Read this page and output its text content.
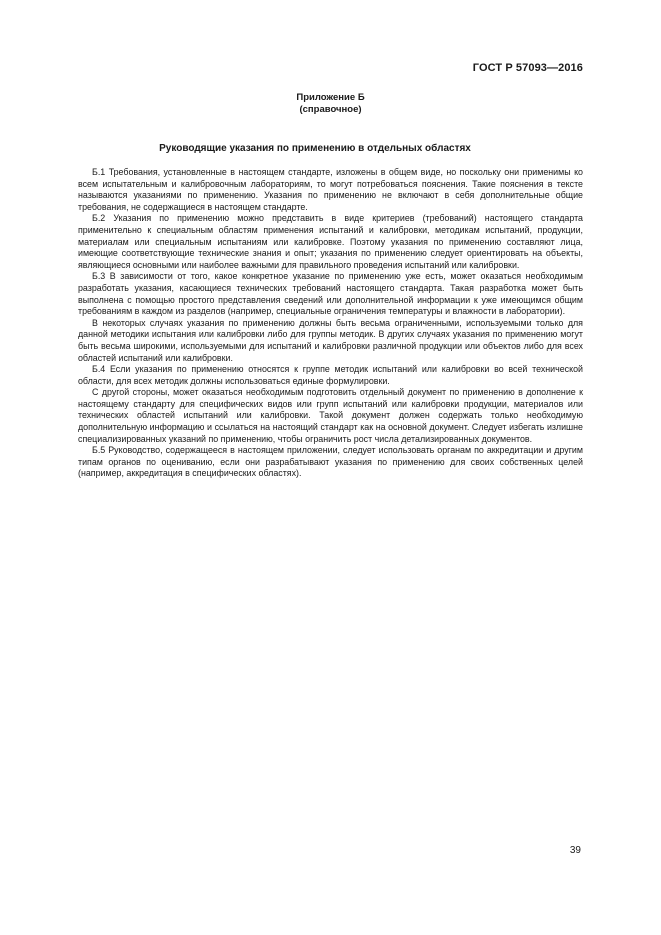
ГОСТ Р 57093—2016
Приложение Б
(справочное)
Руководящие указания по применению в отдельных областях

Б.1 Требования, установленные в настоящем стандарте, изложены в общем виде, но поскольку они применимы ко всем испытательным и калибровочным лабораториям, то могут потребоваться пояснения. Такие пояснения в тексте называются указаниями по применению. Указания по применению не включают в себя дополнительные общие требования, не содержащиеся в настоящем стандарте.

Б.2 Указания по применению можно представить в виде критериев (требований) настоящего стандарта применительно к специальным областям применения испытаний и калибровки, методикам испытаний, продукции, материалам или специальным испытаниям или калибровке. Поэтому указания по применению составляют лица, имеющие соответствующие технические знания и опыт; указания по применению следует ориентировать на объекты, являющиеся основными или наиболее важными для правильного проведения испытаний или калибровки.

Б.3 В зависимости от того, какое конкретное указание по применению уже есть, может оказаться необходимым разработать указания, касающиеся технических требований настоящего стандарта. Такая разработка может быть выполнена с помощью простого представления сведений или дополнительной информации к уже имеющимся общим требованиям в каждом из разделов (например, специальные ограничения температуры и влажности в лаборатории).

В некоторых случаях указания по применению должны быть весьма ограниченными, используемыми только для данной методики испытания или калибровки либо для группы методик. В других случаях указания по применению могут быть весьма широкими, используемыми для испытаний и калибровки различной продукции или объектов либо для всех областей испытаний или калибровки.

Б.4 Если указания по применению относятся к группе методик испытаний или калибровки во всей технической области, для всех методик должны использоваться единые формулировки.

С другой стороны, может оказаться необходимым подготовить отдельный документ по применению в дополнение к настоящему стандарту для специфических видов или групп испытаний или калибровки продукции, материалов или технических областей испытаний или калибровки. Такой документ должен содержать только необходимую дополнительную информацию и ссылаться на настоящий стандарт как на основной документ. Следует избегать излишне специализированных указаний по применению, чтобы ограничить рост числа детализированных документов.

Б.5 Руководство, содержащееся в настоящем приложении, следует использовать органам по аккредитации и другим типам органов по оцениванию, если они разрабатывают указания по применению для своих собственных целей (например, аккредитация в специфических областях).

39
